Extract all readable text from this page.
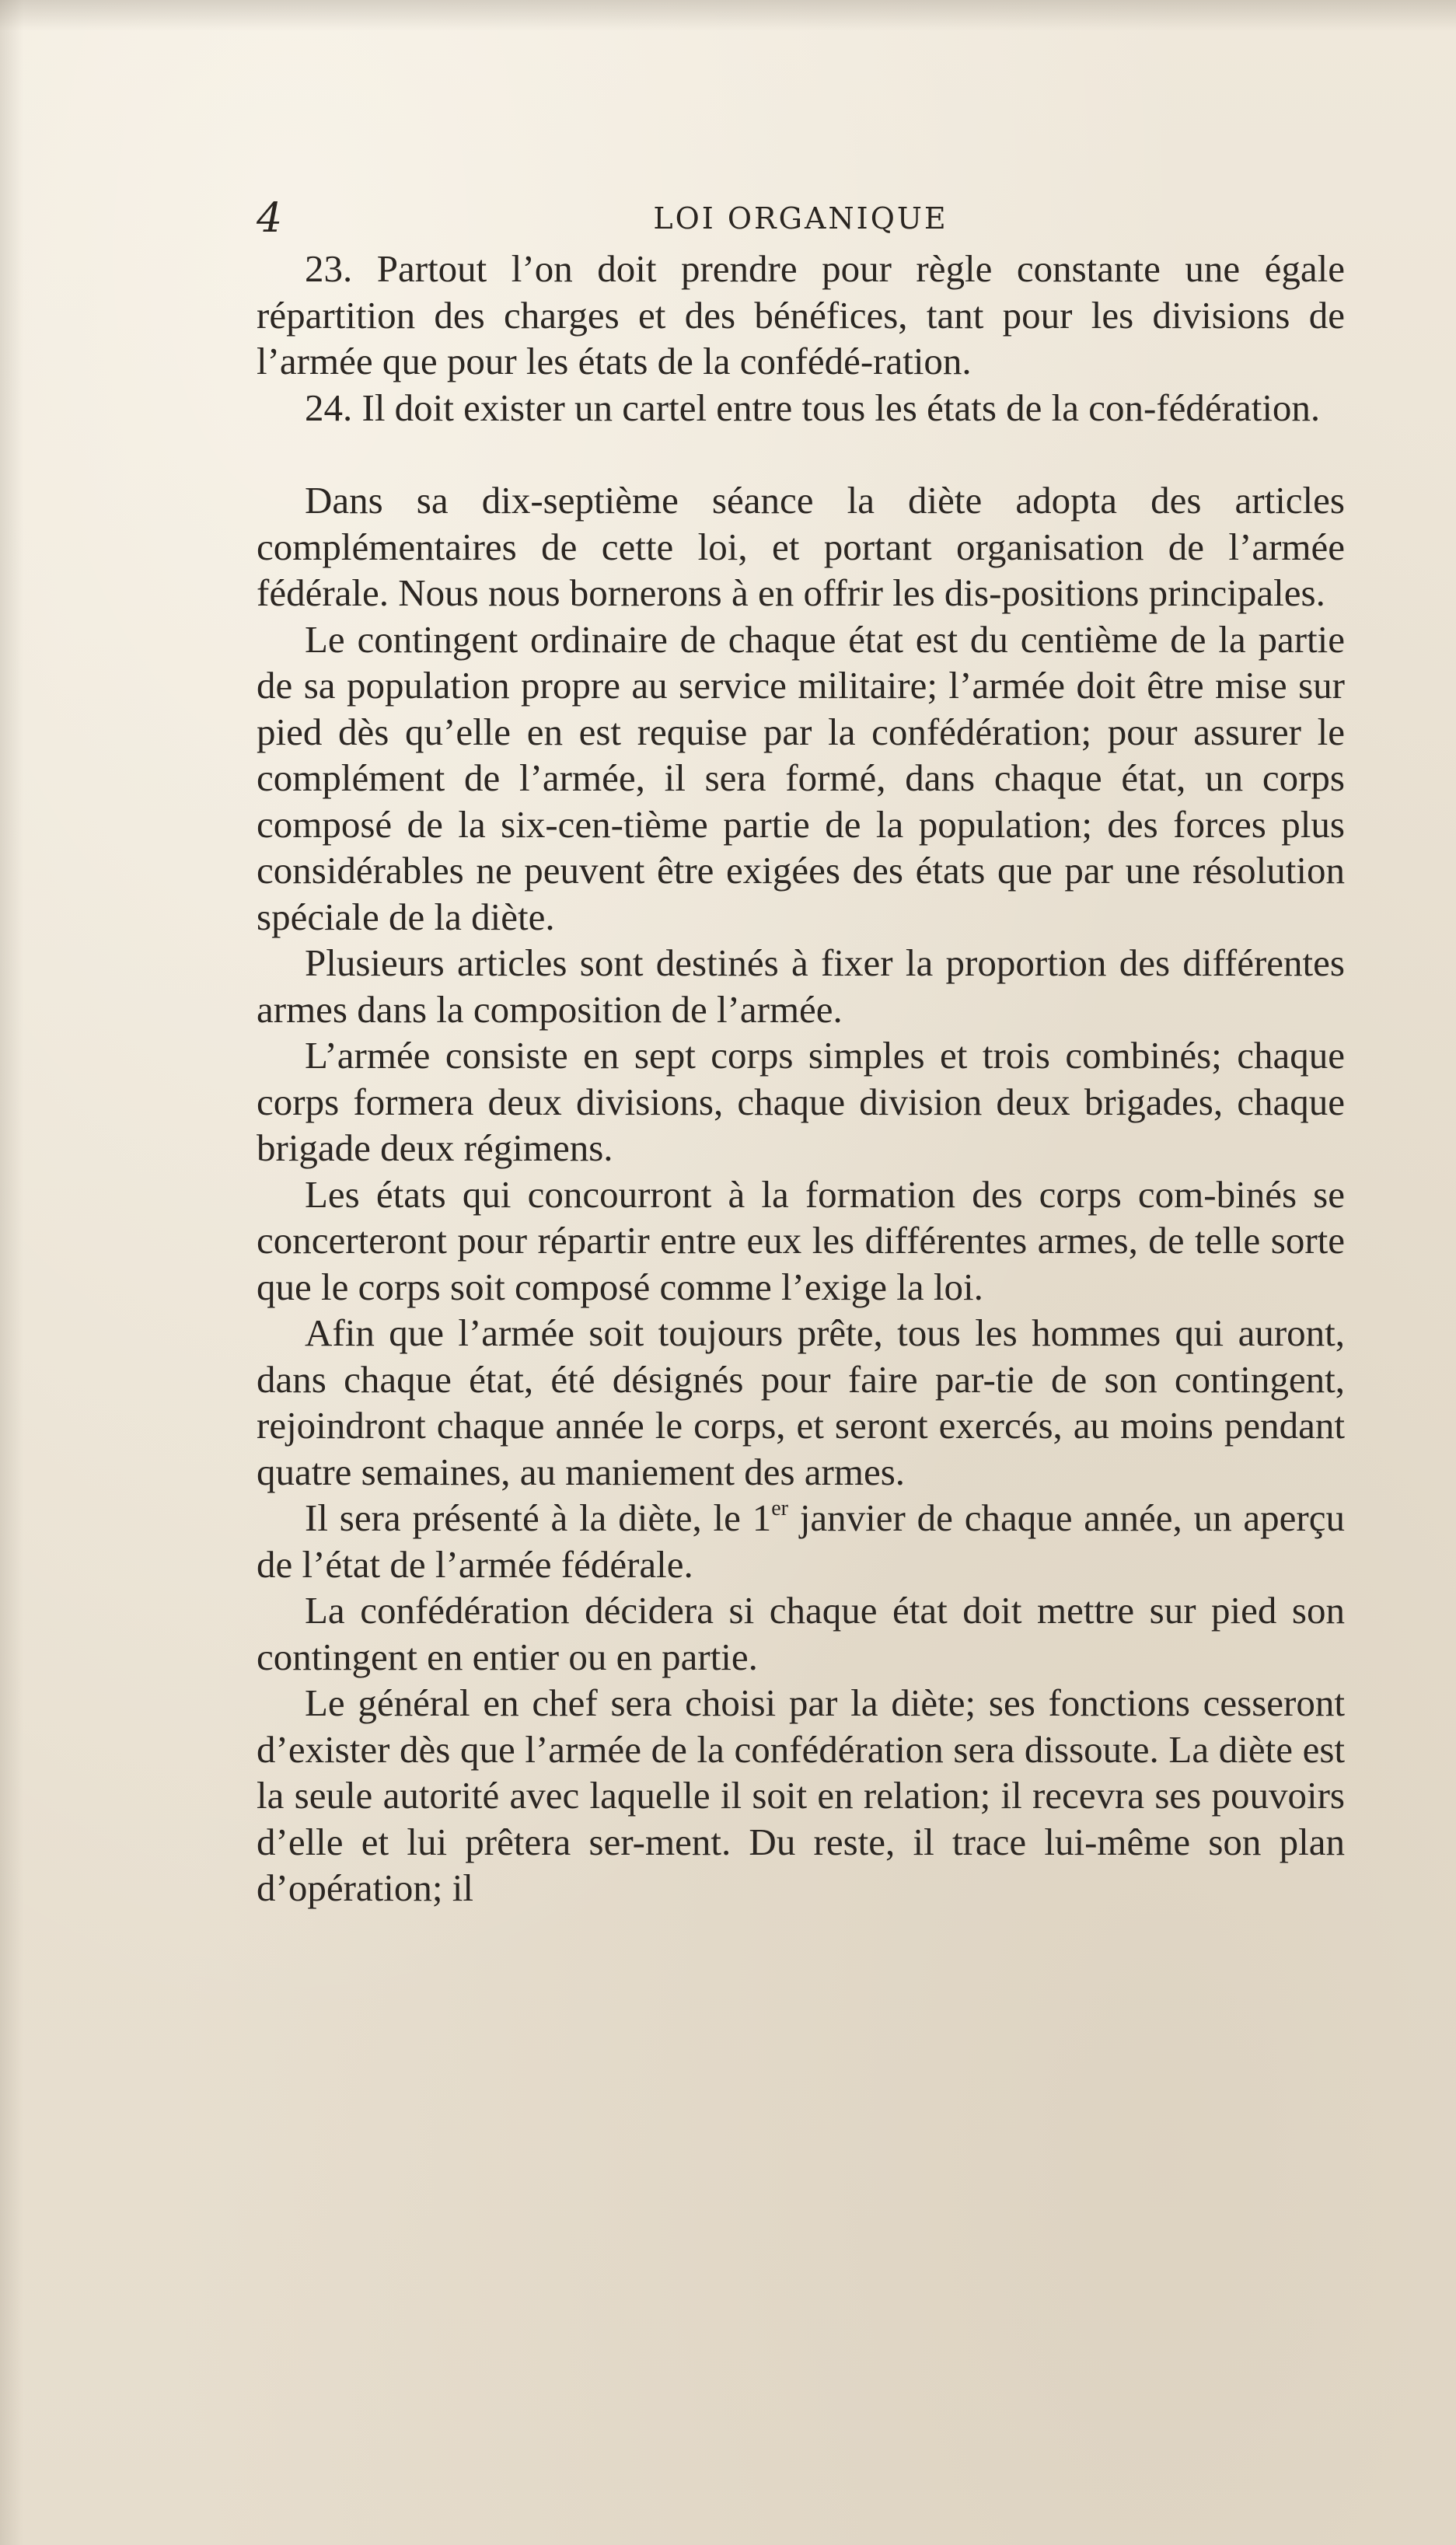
4	LOI ORGANIQUE

23. Partout l’on doit prendre pour règle constante une égale répartition des charges et des bénéfices, tant pour les divisions de l’armée que pour les états de la confédé-ration.

24. Il doit exister un cartel entre tous les états de la con-fédération.

Dans sa dix-septième séance la diète adopta des articles complémentaires de cette loi, et portant organisation de l’armée fédérale. Nous nous bornerons à en offrir les dis-positions principales.

Le contingent ordinaire de chaque état est du centième de la partie de sa population propre au service militaire; l’armée doit être mise sur pied dès qu’elle en est requise par la confédération; pour assurer le complément de l’armée, il sera formé, dans chaque état, un corps composé de la six-cen-tième partie de la population; des forces plus considérables ne peuvent être exigées des états que par une résolution spéciale de la diète.

Plusieurs articles sont destinés à fixer la proportion des différentes armes dans la composition de l’armée.

L’armée consiste en sept corps simples et trois combinés; chaque corps formera deux divisions, chaque division deux brigades, chaque brigade deux régimens.

Les états qui concourront à la formation des corps com-binés se concerteront pour répartir entre eux les différentes armes, de telle sorte que le corps soit composé comme l’exige la loi.

Afin que l’armée soit toujours prête, tous les hommes qui auront, dans chaque état, été désignés pour faire par-tie de son contingent, rejoindront chaque année le corps, et seront exercés, au moins pendant quatre semaines, au maniement des armes.

Il sera présenté à la diète, le 1er janvier de chaque année, un aperçu de l’état de l’armée fédérale.

La confédération décidera si chaque état doit mettre sur pied son contingent en entier ou en partie.

Le général en chef sera choisi par la diète; ses fonctions cesseront d’exister dès que l’armée de la confédération sera dissoute. La diète est la seule autorité avec laquelle il soit en relation; il recevra ses pouvoirs d’elle et lui prêtera ser-ment. Du reste, il trace lui-même son plan d’opération; il
